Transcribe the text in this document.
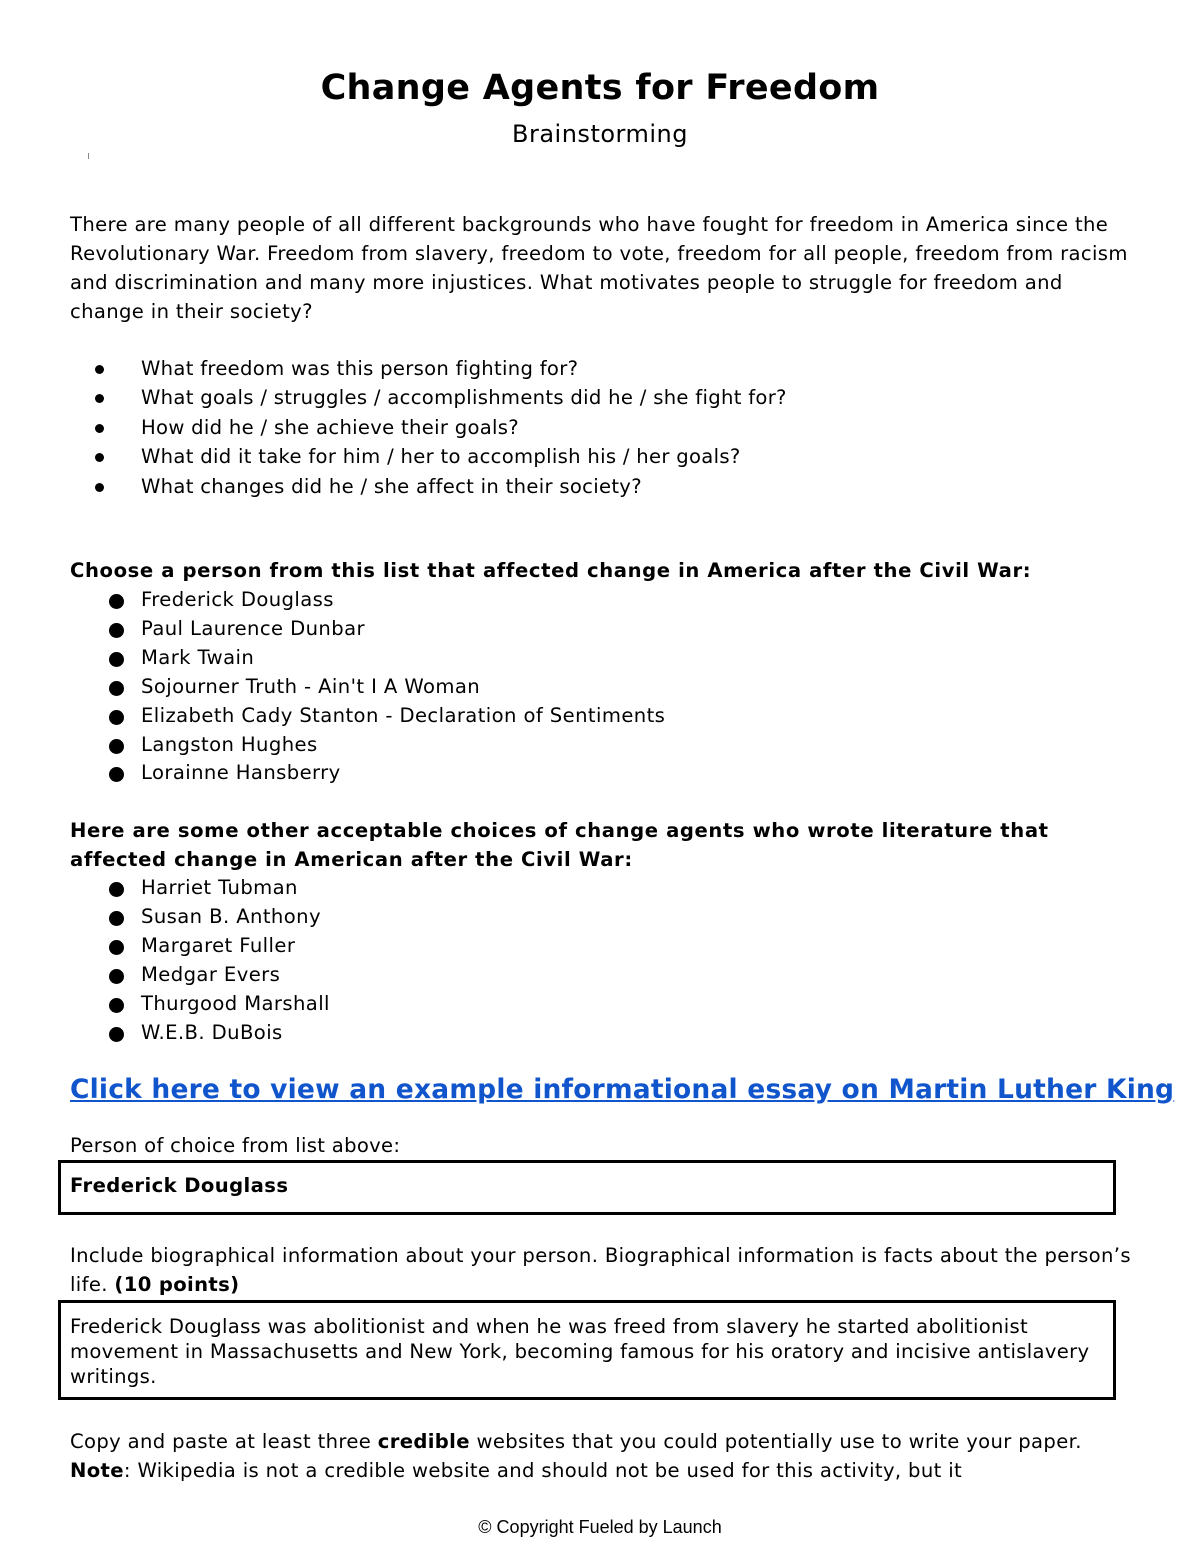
Change Agents for Freedom
Brainstorming

There are many people of all different backgrounds who have fought for freedom in America since the Revolutionary War. Freedom from slavery, freedom to vote, freedom for all people, freedom from racism and discrimination and many more injustices. What motivates people to struggle for freedom and change in their society?

What freedom was this person fighting for?
What goals / struggles / accomplishments did he / she fight for?
How did he / she achieve their goals?
What did it take for him / her to accomplish his / her goals?
What changes did he / she affect in their society?

Choose a person from this list that affected change in America after the Civil War:

Frederick Douglass
Paul Laurence Dunbar
Mark Twain
Sojourner Truth - Ain't I A Woman
Elizabeth Cady Stanton - Declaration of Sentiments
Langston Hughes
Lorainne Hansberry

Here are some other acceptable choices of change agents who wrote literature that affected change in American after the Civil War:

Harriet Tubman
Susan B. Anthony
Margaret Fuller
Medgar Evers
Thurgood Marshall
W.E.B. DuBois
Click here to view an example informational essay on Martin Luther King
Person of choice from list above:
Frederick Douglass

Include biographical information about your person. Biographical information is facts about the person’s life. (10 points)

Frederick Douglass was abolitionist and when he was freed from slavery he started abolitionist movement in Massachusetts and New York, becoming famous for his oratory and incisive antislavery writings.

Copy and paste at least three credible websites that you could potentially use to write your paper. Note: Wikipedia is not a credible website and should not be used for this activity, but it

© Copyright Fueled by Launch
